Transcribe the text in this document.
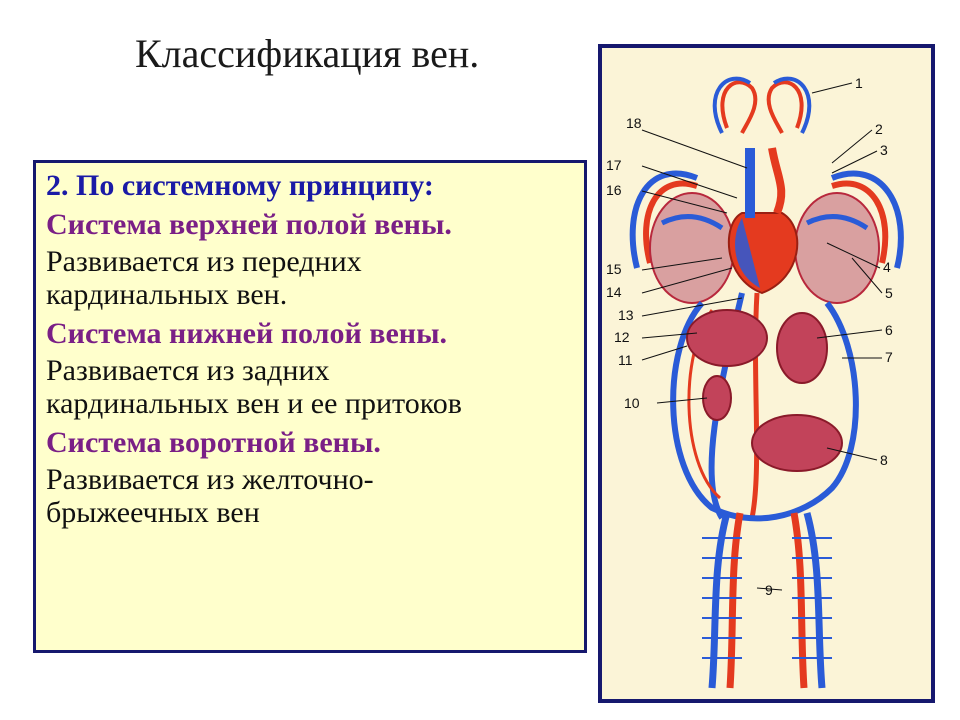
Классификация вен.

2. По системному принципу:

Система верхней полой вены.

Развивается из передних

кардинальных вен.

Система нижней полой вены.

Развивается из задних

кардинальных вен и ее притоков

Система воротной вены.

Развивается из желточно-

брыжеечных вен

1
2
3
4
5
6
7
8
9
10
11
12
13
14
15
16
17
18
